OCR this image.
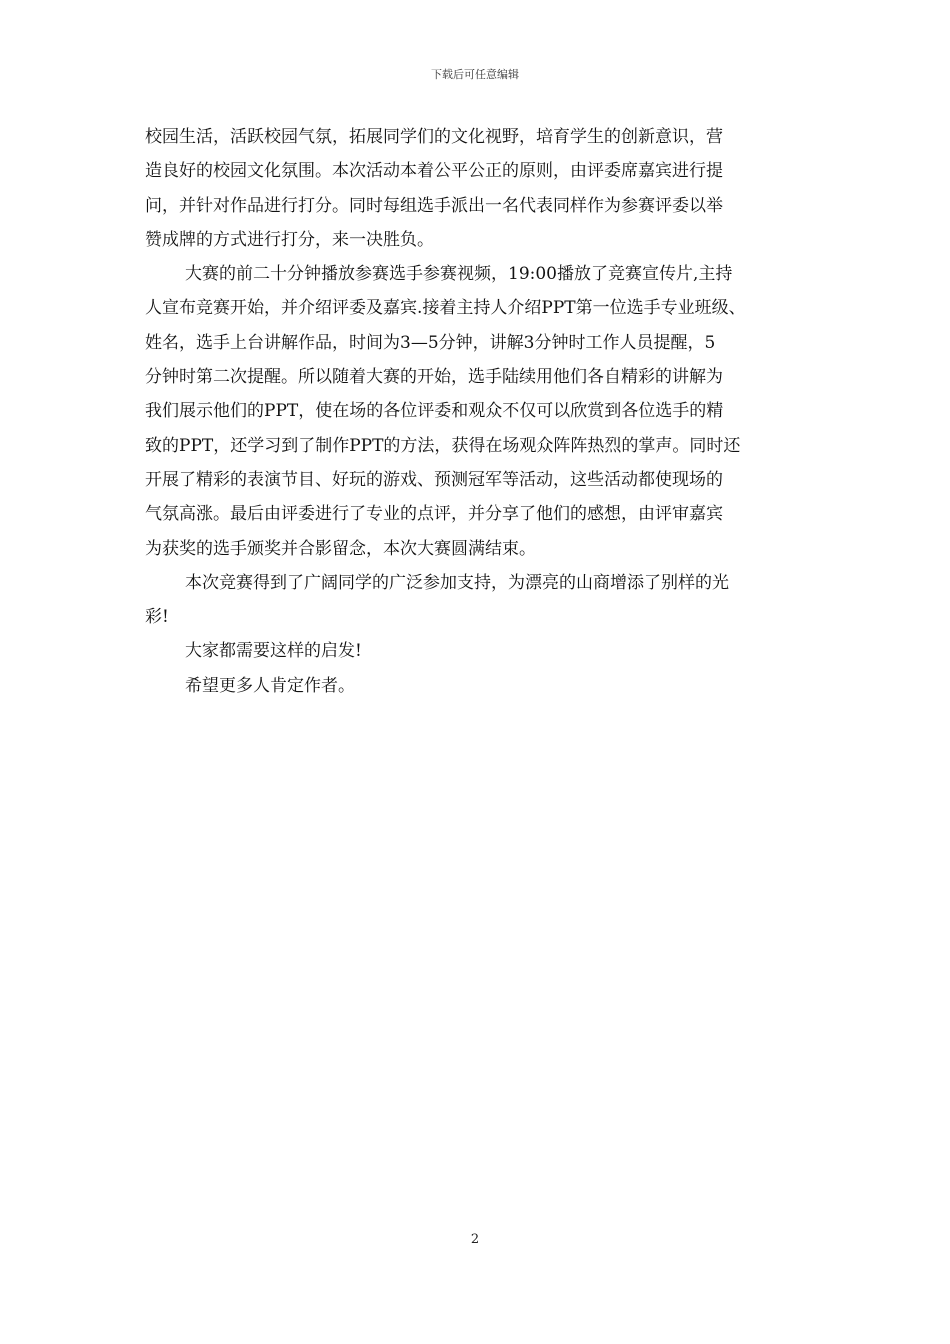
下载后可任意编辑
校园生活，活跃校园气氛，拓展同学们的文化视野，培育学生的创新意识，营
造良好的校园文化氛围。本次活动本着公平公正的原则，由评委席嘉宾进行提
问，并针对作品进行打分。同时每组选手派出一名代表同样作为参赛评委以举
赞成牌的方式进行打分，来一决胜负。
大赛的前二十分钟播放参赛选手参赛视频，19:00播放了竞赛宣传片,主持
人宣布竞赛开始，并介绍评委及嘉宾.接着主持人介绍PPT第一位选手专业班级、
姓名，选手上台讲解作品，时间为3—5分钟，讲解3分钟时工作人员提醒，5
分钟时第二次提醒。所以随着大赛的开始，选手陆续用他们各自精彩的讲解为
我们展示他们的PPT，使在场的各位评委和观众不仅可以欣赏到各位选手的精
致的PPT，还学习到了制作PPT的方法，获得在场观众阵阵热烈的掌声。同时还
开展了精彩的表演节目、好玩的游戏、预测冠军等活动，这些活动都使现场的
气氛高涨。最后由评委进行了专业的点评，并分享了他们的感想，由评审嘉宾
为获奖的选手颁奖并合影留念，本次大赛圆满结束。
本次竞赛得到了广阔同学的广泛参加支持，为漂亮的山商增添了别样的光
彩!
大家都需要这样的启发!
希望更多人肯定作者。
2
